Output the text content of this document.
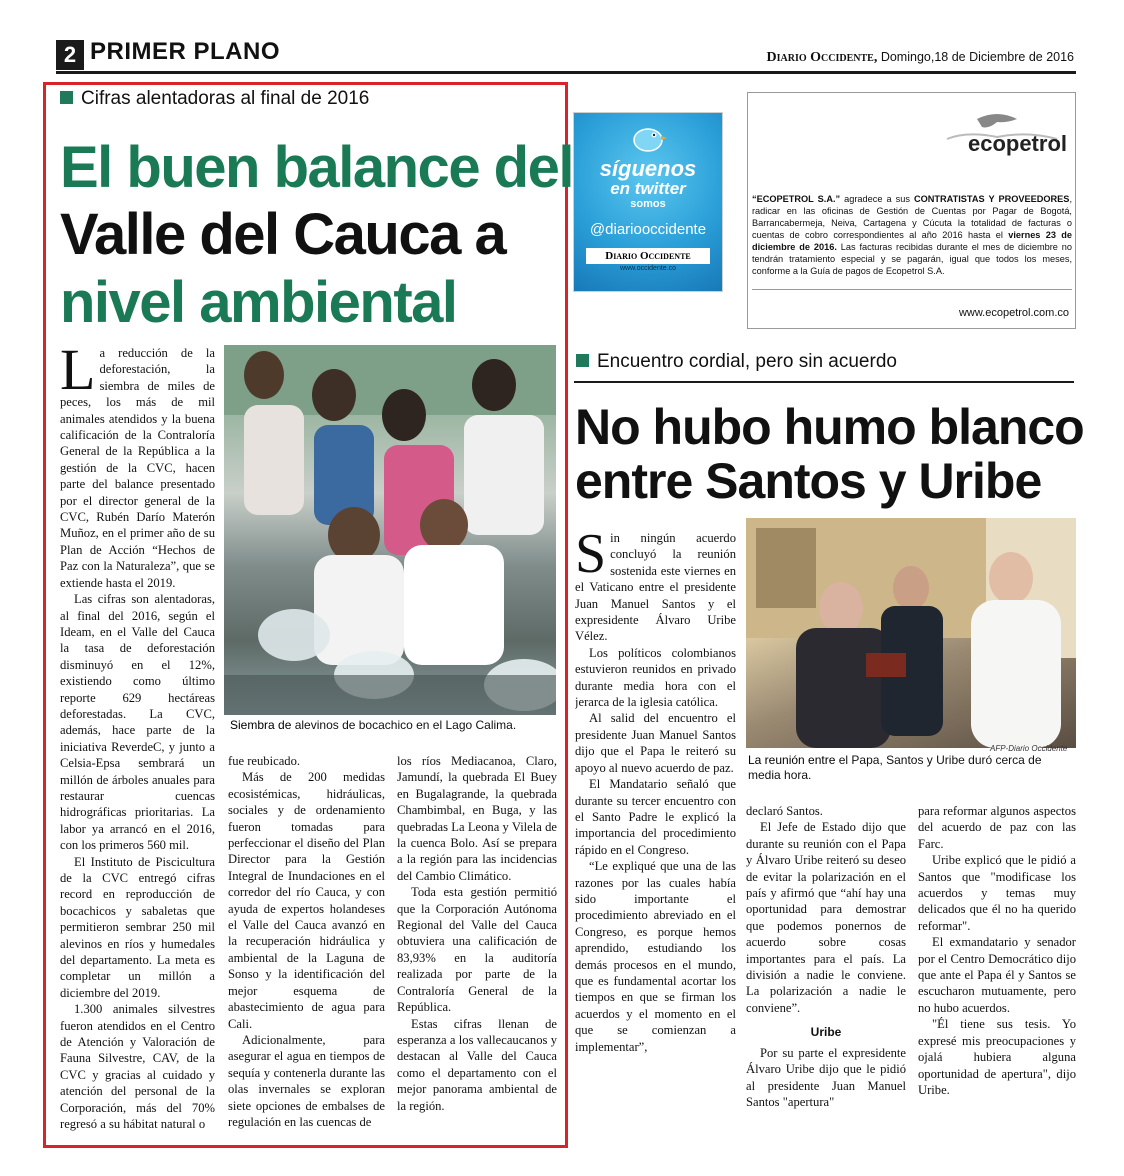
2 PRIMER PLANO	Diario Occidente, Domingo,18 de Diciembre de 2016
Cifras alentadoras al final de 2016
El buen balance del
Valle del Cauca a
nivel ambiental

La reducción de la deforestación, la siembra de miles de peces, los más de mil animales atendidos y la buena calificación de la Contraloría General de la República a la gestión de la CVC, hacen parte del balance presentado por el director general de la CVC, Rubén Darío Materón Muñoz, en el primer año de su Plan de Acción “Hechos de Paz con la Naturaleza”, que se extiende hasta el 2019.

Las cifras son alentadoras, al final del 2016, según el Ideam, en el Valle del Cauca la tasa de deforestación disminuyó en el 12%, existiendo como último reporte 629 hectáreas deforestadas. La CVC, además, hace parte de la iniciativa ReverdeC, y junto a Celsia-Epsa sembrará un millón de árboles anuales para restaurar cuencas hidrográficas prioritarias. La labor ya arrancó en el 2016, con los primeros 560 mil.

El Instituto de Piscicultura de la CVC entregó cifras record en reproducción de bocachicos y sabaletas que permitieron sembrar 250 mil alevinos en ríos y humedales del departamento. La meta es completar un millón a diciembre del 2019.

1.300 animales silvestres fueron atendidos en el Centro de Atención y Valoración de Fauna Silvestre, CAV, de la CVC y gracias al cuidado y atención del personal de la Corporación, más del 70% regresó a su hábitat natural o

Siembra de alevinos de bocachico en el Lago Calima.

fue reubicado.

Más de 200 medidas ecosistémicas, hidráulicas, sociales y de ordenamiento fueron tomadas para perfeccionar el diseño del Plan Director para la Gestión Integral de Inundaciones en el corredor del río Cauca, y con ayuda de expertos holandeses el Valle del Cauca avanzó en la recuperación hidráulica y ambiental de la Laguna de Sonso y la identificación del mejor esquema de abastecimiento de agua para Cali.

Adicionalmente, para asegurar el agua en tiempos de sequía y contenerla durante las olas invernales se exploran siete opciones de embalses de regulación en las cuencas de

los ríos Mediacanoa, Claro, Jamundí, la quebrada El Buey en Bugalagrande, la quebrada Chambimbal, en Buga, y las quebradas La Leona y Vilela de la cuenca Bolo. Así se prepara a la región para las incidencias del Cambio Climático.

Toda esta gestión permitió que la Corporación Autónoma Regional del Valle del Cauca obtuviera una calificación de 83,93% en la auditoría realizada por parte de la Contraloría General de la República.

Estas cifras llenan de esperanza a los vallecaucanos y destacan al Valle del Cauca como el departamento con el mejor panorama ambiental de la región.

síguenos
en twitter
somos
@diariooccidente
Diario Occidente
www.occidente.co
ecopetrol
“ECOPETROL S.A.” agradece a sus CONTRATISTAS Y PROVEEDORES, radicar en las oficinas de Gestión de Cuentas por Pagar de Bogotá, Barrancabermeja, Neiva, Cartagena y Cúcuta la totalidad de facturas o cuentas de cobro correspondientes al año 2016 hasta el viernes 23 de diciembre de 2016. Las facturas recibidas durante el mes de diciembre no tendrán tratamiento especial y se pagarán, igual que todos los meses, conforme a la Guía de pagos de Ecopetrol S.A.
www.ecopetrol.com.co
Encuentro cordial, pero sin acuerdo
No hubo humo blanco
entre Santos y Uribe

Sin ningún acuerdo concluyó la reunión sostenida este viernes en el Vaticano entre el presidente Juan Manuel Santos y el expresidente Álvaro Uribe Vélez.

Los políticos colombianos estuvieron reunidos en privado durante media hora con el jerarca de la iglesia católica.

Al salid del encuentro el presidente Juan Manuel Santos dijo que el Papa le reiteró su apoyo al nuevo acuerdo de paz.

El Mandatario señaló que durante su tercer encuentro con el Santo Padre le explicó la importancia del procedimiento rápido en el Congreso.

“Le expliqué que una de las razones por las cuales había sido importante el procedimiento abreviado en el Congreso, es porque hemos aprendido, estudiando los demás procesos en el mundo, que es fundamental acortar los tiempos en que se firman los acuerdos y el momento en el que se comienzan a implementar”,

AFP-Diario Occidente
La reunión entre el Papa, Santos y Uribe duró cerca de media hora.

declaró Santos.

El Jefe de Estado dijo que durante su reunión con el Papa y Álvaro Uribe reiteró su deseo de evitar la polarización en el país y afirmó que “ahí hay una oportunidad para demostrar que podemos ponernos de acuerdo sobre cosas importantes para el país. La división a nadie le conviene. La polarización a nadie le conviene”.

Uribe

Por su parte el expresidente Álvaro Uribe dijo que le pidió al presidente Juan Manuel Santos "apertura"

para reformar algunos aspectos del acuerdo de paz con las Farc.

Uribe explicó que le pidió a Santos que "modificase los acuerdos y temas muy delicados que él no ha querido reformar".

El exmandatario y senador por el Centro Democrático dijo que ante el Papa él y Santos se escucharon mutuamente, pero no hubo acuerdos.

"Él tiene sus tesis. Yo expresé mis preocupaciones y ojalá hubiera alguna oportunidad de apertura", dijo Uribe.
